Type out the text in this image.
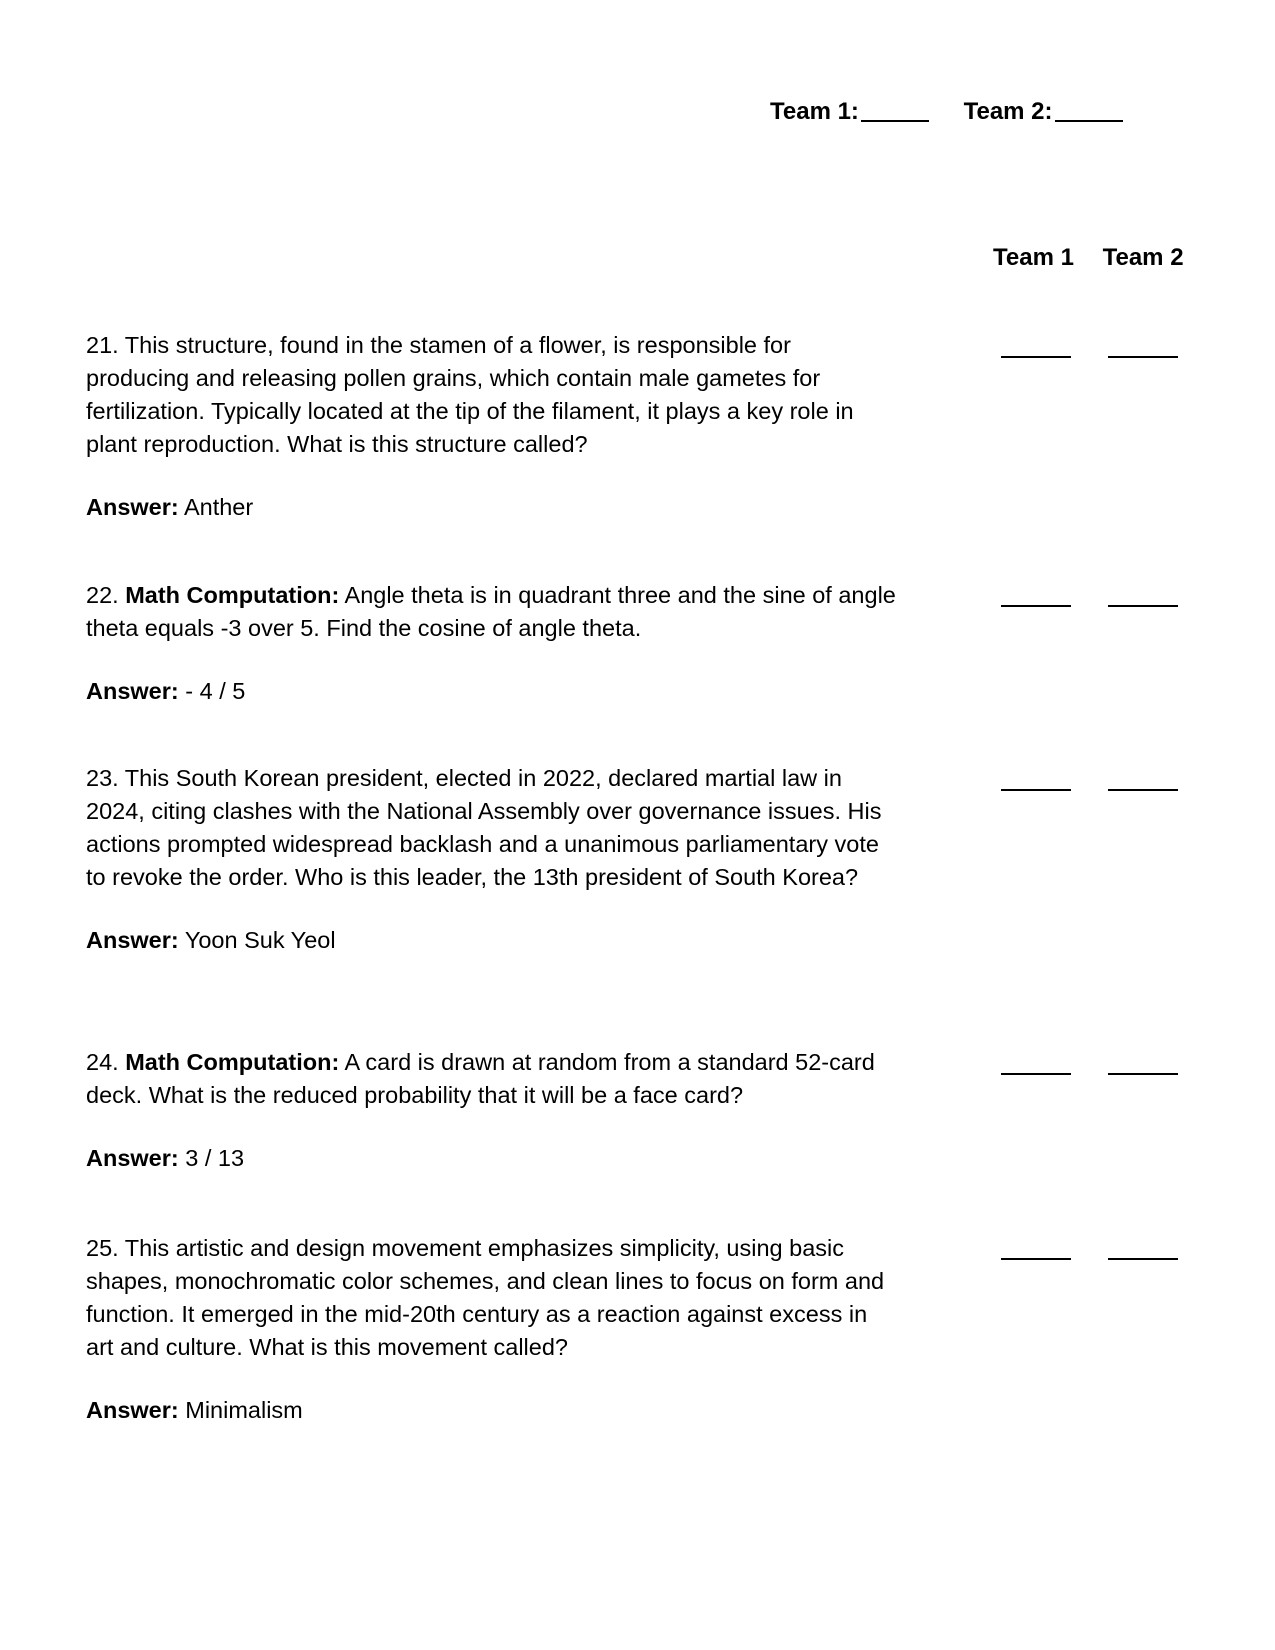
Team 1:	Team 2:
Team 1 Team 2

21. This structure, found in the stamen of a flower, is responsible for producing and releasing pollen grains, which contain male gametes for fertilization. Typically located at the tip of the filament, it plays a key role in plant reproduction. What is this structure called?

Answer: Anther

22. Math Computation: Angle theta is in quadrant three and the sine of angle theta equals -3 over 5. Find the cosine of angle theta.

Answer: - 4 / 5

23. This South Korean president, elected in 2022, declared martial law in 2024, citing clashes with the National Assembly over governance issues. His actions prompted widespread backlash and a unanimous parliamentary vote to revoke the order. Who is this leader, the 13th president of South Korea?

Answer: Yoon Suk Yeol

24. Math Computation: A card is drawn at random from a standard 52-card deck. What is the reduced probability that it will be a face card?

Answer: 3 / 13

25. This artistic and design movement emphasizes simplicity, using basic shapes, monochromatic color schemes, and clean lines to focus on form and function. It emerged in the mid-20th century as a reaction against excess in art and culture. What is this movement called?

Answer: Minimalism
